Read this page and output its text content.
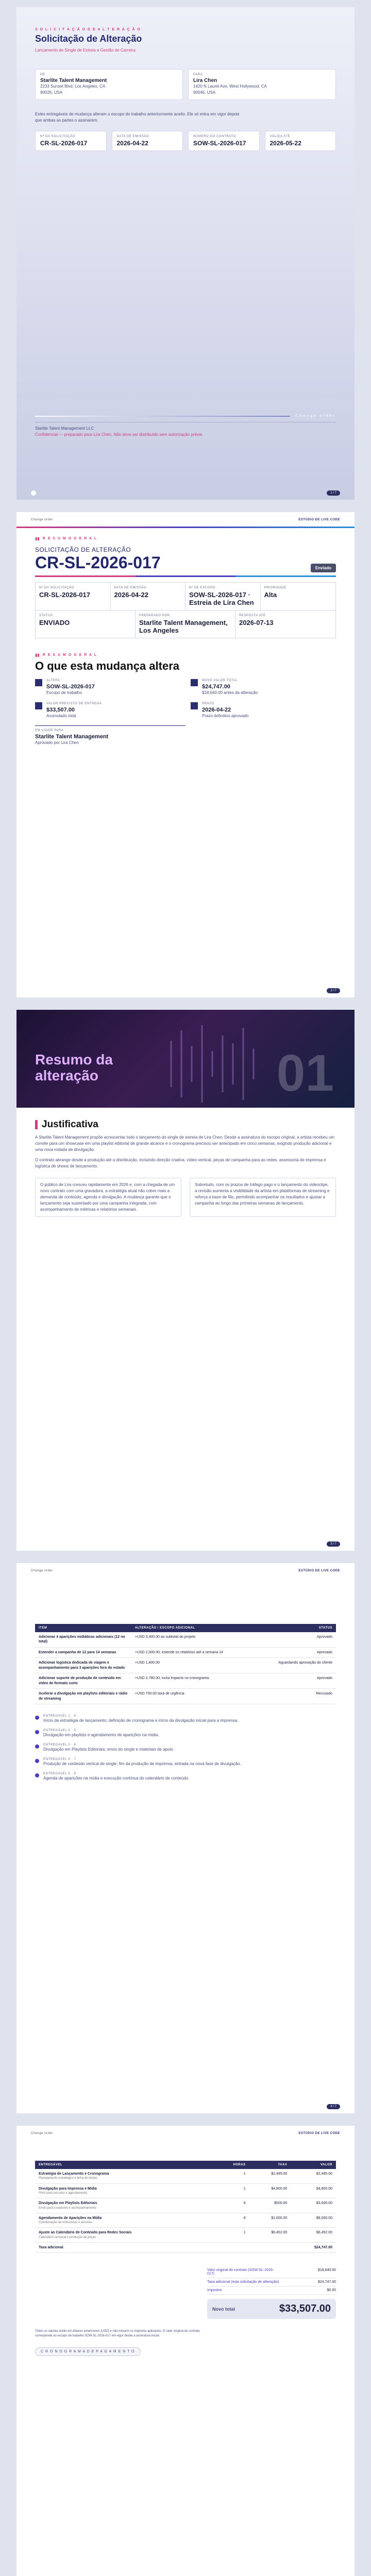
S O L I C I T A Ç Ã O D E A L T E R A Ç Ã O
Solicitação de Alteração
Lançamento de Single de Estreia e Gestão de Carreira
DE
Starlite Talent Management
2233 Sunset Blvd, Los Angeles, CA
90026, USA
PARA
Lira Chen
1420 N Laurel Ave, West Hollywood, CA
90046, USA
Estes entregáveis de mudança alteram o escopo do trabalho anteriormente aceito. Ele só entra em vigor depois que ambas as partes o assinarem.
Nº DA SOLICITAÇÃO
CR-SL-2026-017
DATA DE EMISSÃO
2026-04-22
NÚMERO DO CONTRATO
SOW-SL-2026-017
VÁLIDA ATÉ
2026-05-22
Change order
Starlite Talent Management LLC
Confidencial — preparado para Lira Chen. Não deve ser distribuído sem autorização prévia.
1 / 7
Change order	ESTÚDIO DE LIVE CODE
▮▮ R E S U M O G E R A L
SOLICITAÇÃO DE ALTERAÇÃO
CR-SL-2026-017	Enviado
Nº DA SOLICITAÇÃO
CR-SL-2026-017
DATA DE EMISSÃO
2026-04-22
Nº DE ESCOPO
SOW-SL-2026-017 · Estreia de Lira Chen
PRIORIDADE
Alta
STATUS
ENVIADO
PREPARADO POR
Starlite Talent Management, Los Angeles
RESPOSTA ATÉ
2026-07-13
▮▮ R E S U M O G E R A L
O que esta mudança altera
ALTERA
SOW-SL-2026-017
Escopo de trabalho
NOVO VALOR TOTAL
$24,747.00
$18,640.00 antes da alteração
VALOR PREVISTO DE ENTREGA
$33,507.00
Acumulado total
PRAZO
2026-04-22
Prazo definitivo aprovado
EM VIGOR PARA
Starlite Talent Management
Aprovado por Lira Chen
2 / 7
Resumo da
alteração	01
Justificativa
A Starlite Talent Management propõe acrescentar todo o lançamento do single de estreia de Lira Chen. Desde a assinatura do escopo original, a artista recebeu um convite para um showcase em uma playlist editorial de grande alcance e o cronograma precisou ser antecipado em cinco semanas, exigindo produção adicional e uma nova rodada de divulgação.
O contrato abrange desde a produção até a distribuição, incluindo direção criativa, vídeo vertical, peças de campanha para as redes, assessoria de imprensa e logística de shows de lançamento.
O público de Lira cresceu rapidamente em 2026 e, com a chegada de um novo contrato com uma gravadora, a estratégia atual não cobre mais a demanda de conteúdo, agenda e divulgação. A mudança garante que o lançamento seja sustentado por uma campanha integrada, com acompanhamento de métricas e relatórios semanais.
Sobretudo, com os prazos de tráfego pago e o lançamento do videoclipe, a revisão aumenta a visibilidade da artista em plataformas de streaming e reforça a base de fãs, permitindo acompanhar os resultados e ajustar a campanha ao longo das primeiras semanas de lançamento.
3 / 7
Change order	ESTÚDIO DE LIVE CODE
ITEM	ALTERAÇÃO / ESCOPO ADICIONAL	STATUS
Adicionar 4 aparições midiáticas adicionais (12 no total)	+USD 3,400.00 ao subtotal do projeto	Aprovado
Estender a campanha de 12 para 14 semanas	+USD 2,000.00; estende os relatórios até a semana 14	Aprovado
Adicionar logística dedicada de viagem e acompanhamento para 3 aparições fora do estado	+USD 1,800.00	Aguardando aprovação do cliente
Adicionar suporte de produção de conteúdo em vídeo de formato curto	+USD 2,780.00; inclui impacto no cronograma	Aprovado
Acelerar a divulgação em playlists editoriais e rádio de streaming	+USD 700.00 taxa de urgência	Recusado
ENTREGÁVEL 1 · 4
Início da estratégia de lançamento; definição de cronograma e início da divulgação inicial para a imprensa.
ENTREGÁVEL 2 · 5
Divulgação em playlists e agendamento de aparições na mídia.
ENTREGÁVEL 3 · 6
Divulgação em Playlists Editoriais; envio do single e materiais de apoio.
ENTREGÁVEL 4 · 7
Produção de conteúdo vertical de single; fim da produção de imprensa, entrada na nova fase de divulgação.
ENTREGÁVEL 5 · 8
Agenda de aparições na mídia e execução contínua do calendário de conteúdo.
4 / 7
Change order	ESTÚDIO DE LIVE CODE
ENTREGÁVEL	HORAS	TAXA	VALOR

Estratégia de Lançamento e Cronograma
Planejamento estratégico e linha do tempo	1	$2,495.00	$2,495.00

Divulgação para Imprensa e Mídia
Pitch para veículos e agendamento	1	$4,800.00	$4,800.00

Divulgação em Playlists Editoriais
Envio para curadores e acompanhamento	6	$500.00	$3,000.00

Agendamento de Aparições na Mídia
Coordenação de entrevistas e sessões	8	$1,000.00	$8,000.00

Ajuste ao Calendário de Conteúdo para Redes Sociais
Calendário semanal e produção de peças	1	$6,452.00	$6,452.00
Taxa adicional			$24,747.00
Valor original do contrato (SOW-SL-2026-017)
$18,640.00
Taxa adicional (esta solicitação de alteração)	$24,747.00
Impostos	$0.00
Novo total	$33,507.00
Todos os valores estão em dólares americanos (USD) e não incluem os impostos aplicáveis. O valor original do contrato corresponde ao escopo de trabalho SOW-SL-2026-017 em vigor desde a assinatura inicial.
C R O N O G R A M A D E P A G A M E N T O
